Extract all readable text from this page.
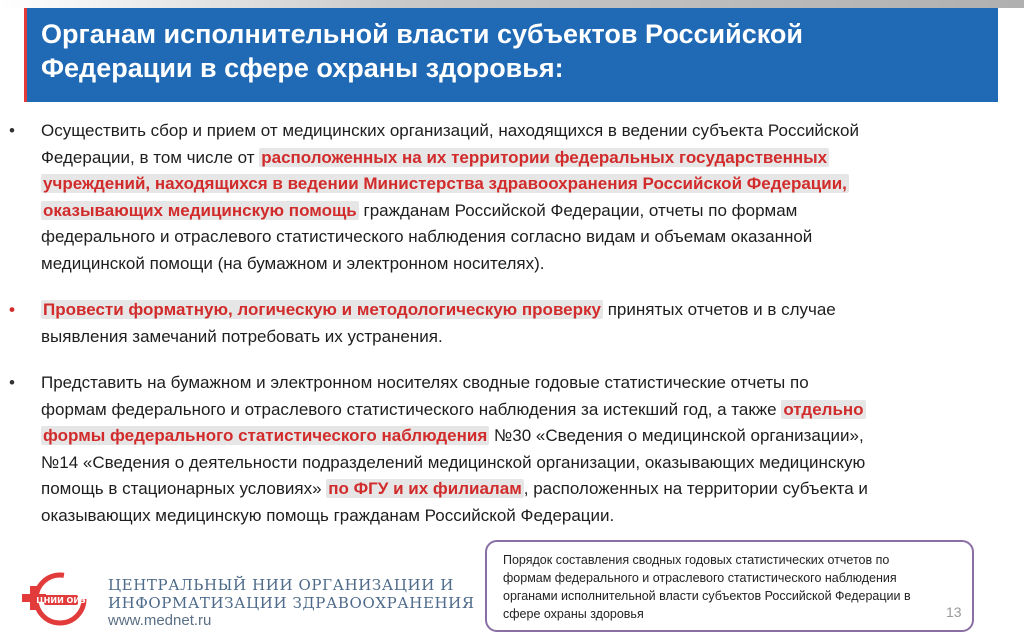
Органам исполнительной власти субъектов Российской
Федерации в сфере охраны здоровья:
• Осуществить сбор и прием от медицинских организаций, находящихся в ведении субъекта Российской
Федерации, в том числе от расположенных на их территории федеральных государственных
учреждений, находящихся в ведении Министерства здравоохранения Российской Федерации,
оказывающих медицинскую помощь гражданам Российской Федерации, отчеты по формам
федерального и отраслевого статистического наблюдения согласно видам и объемам оказанной
медицинской помощи (на бумажном и электронном носителях).
• Провести форматную, логическую и методологическую проверку принятых отчетов и в случае
выявления замечаний потребовать их устранения.
• Представить на бумажном и электронном носителях сводные годовые статистические отчеты по
формам федерального и отраслевого статистического наблюдения за истекший год, а также отдельно
формы федерального статистического наблюдения №30 «Сведения о медицинской организации»,
№14 «Сведения о деятельности подразделений медицинской организации, оказывающих медицинскую
помощь в стационарных условиях» по ФГУ и их филиалам , расположенных на территории субъекта и
оказывающих медицинскую помощь гражданам Российской Федерации.
ЦНИИ ОИЗ
ЦЕНТРАЛЬНЫЙ НИИ ОРГАНИЗАЦИИ И
ИНФОРМАТИЗАЦИИ ЗДРАВООХРАНЕНИЯ
www.mednet.ru
Порядок составления сводных годовых статистических отчетов по
формам федерального и отраслевого статистического наблюдения
органами исполнительной власти субъектов Российской Федерации в
сфере охраны здоровья	13
